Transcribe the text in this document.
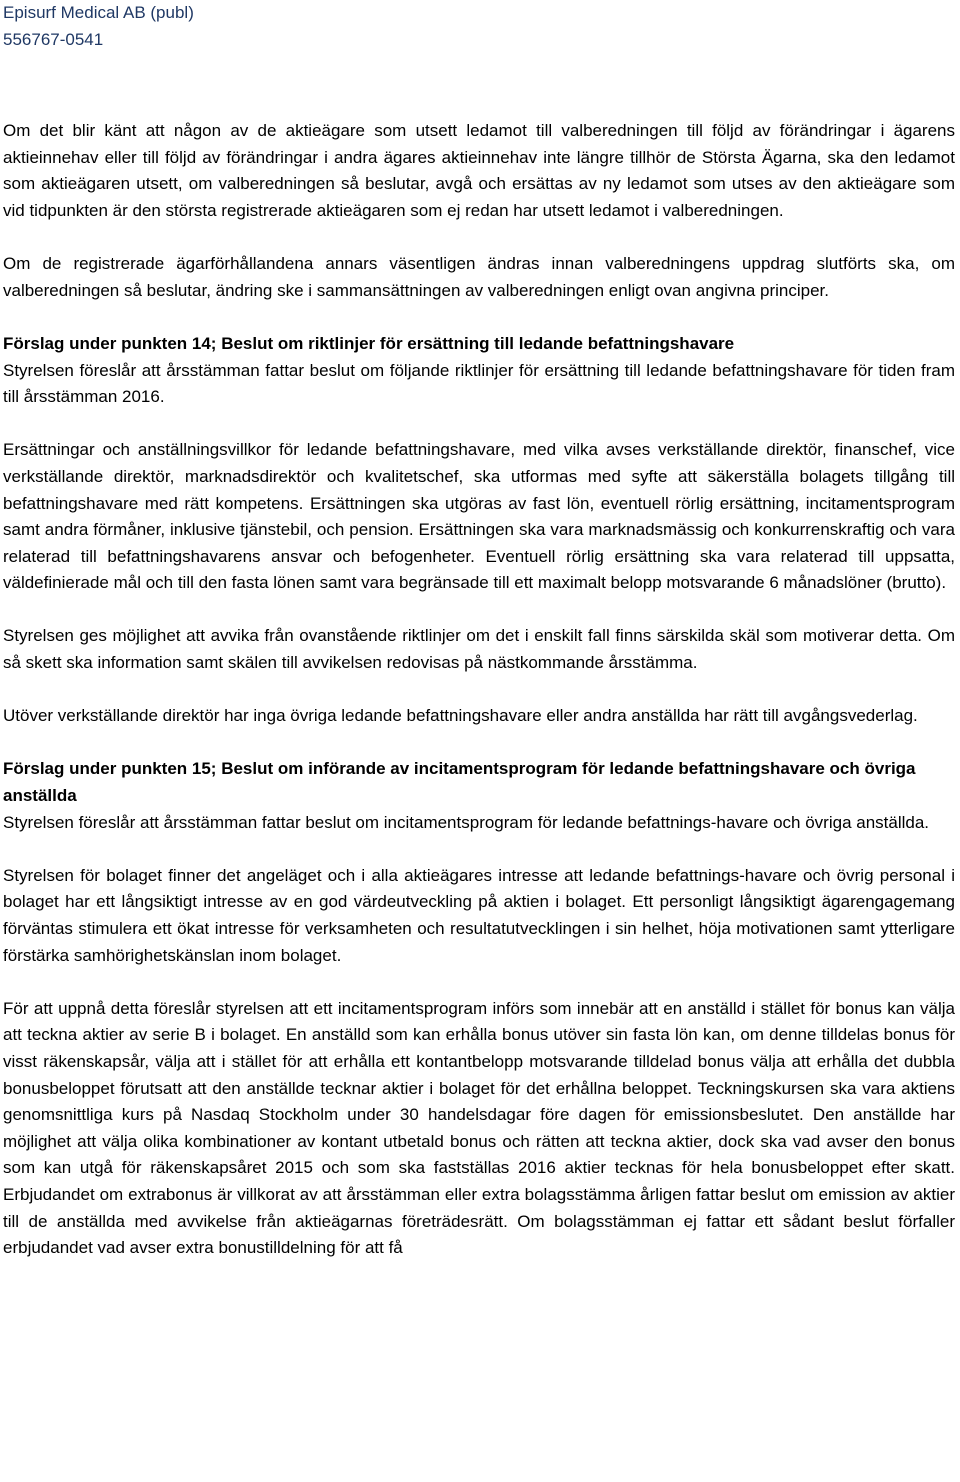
Episurf Medical AB (publ)

556767-0541

Om det blir känt att någon av de aktieägare som utsett ledamot till valberedningen till följd av förändringar i ägarens aktieinnehav eller till följd av förändringar i andra ägares aktieinnehav inte längre tillhör de Största Ägarna, ska den ledamot som aktieägaren utsett, om valberedningen så beslutar, avgå och ersättas av ny ledamot som utses av den aktieägare som vid tidpunkten är den största registrerade aktieägaren som ej redan har utsett ledamot i valberedningen.

Om de registrerade ägarförhållandena annars väsentligen ändras innan valberedningens uppdrag slutförts ska, om valberedningen så beslutar, ändring ske i sammansättningen av valberedningen enligt ovan angivna principer.

Förslag under punkten 14; Beslut om riktlinjer för ersättning till ledande befattningshavare

Styrelsen föreslår att årsstämman fattar beslut om följande riktlinjer för ersättning till ledande befattningshavare för tiden fram till årsstämman 2016.

Ersättningar och anställningsvillkor för ledande befattningshavare, med vilka avses verkställande direktör, finanschef, vice verkställande direktör, marknadsdirektör och kvalitetschef, ska utformas med syfte att säkerställa bolagets tillgång till befattningshavare med rätt kompetens. Ersättningen ska utgöras av fast lön, eventuell rörlig ersättning, incitamentsprogram samt andra förmåner, inklusive tjänstebil, och pension. Ersättningen ska vara marknadsmässig och konkurrenskraftig och vara relaterad till befattningshavarens ansvar och befogenheter. Eventuell rörlig ersättning ska vara relaterad till uppsatta, väldefinierade mål och till den fasta lönen samt vara begränsade till ett maximalt belopp motsvarande 6 månadslöner (brutto).

Styrelsen ges möjlighet att avvika från ovanstående riktlinjer om det i enskilt fall finns särskilda skäl som motiverar detta. Om så skett ska information samt skälen till avvikelsen redovisas på nästkommande årsstämma.

Utöver verkställande direktör har inga övriga ledande befattningshavare eller andra anställda har rätt till avgångsvederlag.

Förslag under punkten 15; Beslut om införande av incitamentsprogram för ledande befattningshavare och övriga anställda

Styrelsen föreslår att årsstämman fattar beslut om incitamentsprogram för ledande befattnings-havare och övriga anställda.

Styrelsen för bolaget finner det angeläget och i alla aktieägares intresse att ledande befattnings-havare och övrig personal i bolaget har ett långsiktigt intresse av en god värdeutveckling på aktien i bolaget. Ett personligt långsiktigt ägarengagemang förväntas stimulera ett ökat intresse för verksamheten och resultatutvecklingen i sin helhet, höja motivationen samt ytterligare förstärka samhörighetskänslan inom bolaget.

För att uppnå detta föreslår styrelsen att ett incitamentsprogram införs som innebär att en anställd i stället för bonus kan välja att teckna aktier av serie B i bolaget. En anställd som kan erhålla bonus utöver sin fasta lön kan, om denne tilldelas bonus för visst räkenskapsår, välja att i stället för att erhålla ett kontantbelopp motsvarande tilldelad bonus välja att erhålla det dubbla bonusbeloppet förutsatt att den anställde tecknar aktier i bolaget för det erhållna beloppet. Teckningskursen ska vara aktiens genomsnittliga kurs på Nasdaq Stockholm under 30 handelsdagar före dagen för emissionsbeslutet. Den anställde har möjlighet att välja olika kombinationer av kontant utbetald bonus och rätten att teckna aktier, dock ska vad avser den bonus som kan utgå för räkenskapsåret 2015 och som ska fastställas 2016 aktier tecknas för hela bonusbeloppet efter skatt. Erbjudandet om extrabonus är villkorat av att årsstämman eller extra bolagsstämma årligen fattar beslut om emission av aktier till de anställda med avvikelse från aktieägarnas företrädesrätt. Om bolagsstämman ej fattar ett sådant beslut förfaller erbjudandet vad avser extra bonustilldelning för att få
